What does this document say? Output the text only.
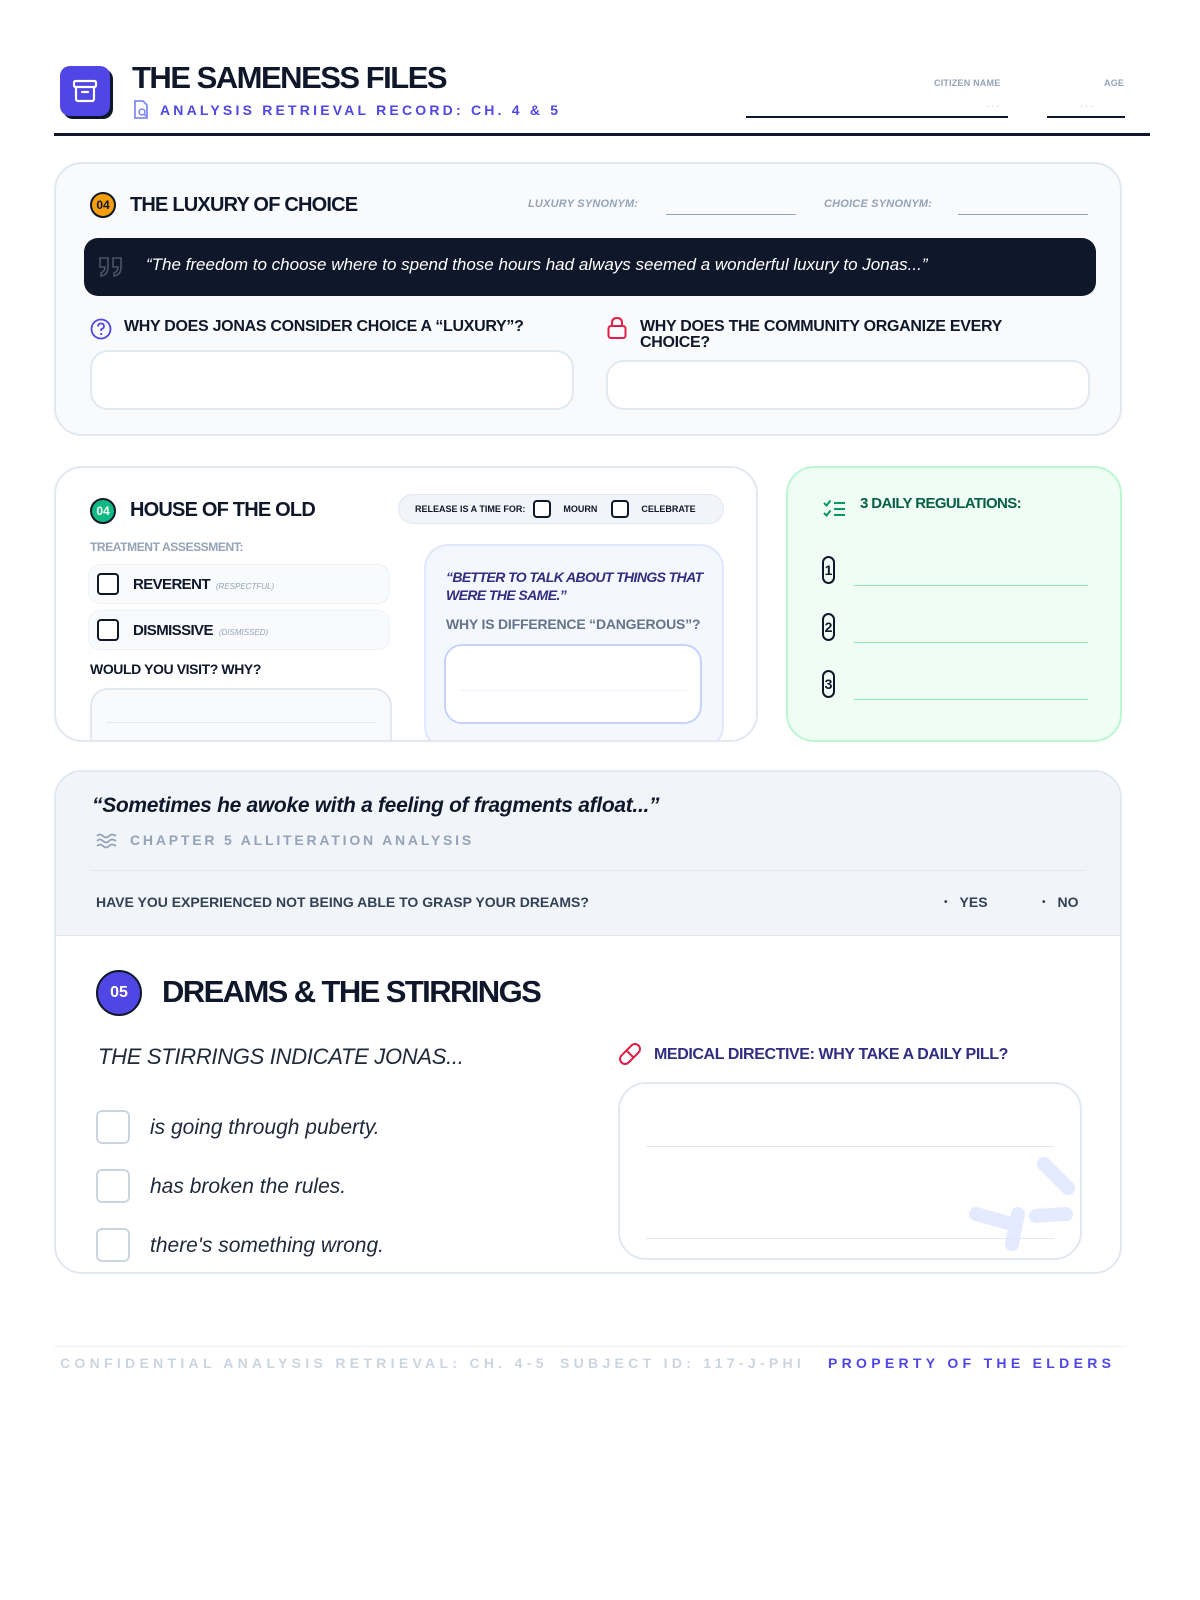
THE SAMENESS FILES
ANALYSIS RETRIEVAL RECORD: CH. 4 & 5
CITIZEN NAME
...
AGE
...
04	THE LUXURY OF CHOICE	LUXURY SYNONYM:	CHOICE SYNONYM:
“The freedom to choose where to spend those hours had always seemed a wonderful luxury to Jonas...”
WHY DOES JONAS CONSIDER CHOICE A “LUXURY”?	WHY DOES THE COMMUNITY ORGANIZE EVERY CHOICE?
04	HOUSE OF THE OLD	RELEASE IS A TIME FOR:	MOURN	CELEBRATE
TREATMENT ASSESSMENT:
REVERENT (RESPECTFUL)
DISMISSIVE (DISMISSED)
WOULD YOU VISIT? WHY?
“BETTER TO TALK ABOUT THINGS THAT WERE THE SAME.”
WHY IS DIFFERENCE “DANGEROUS”?
3 DAILY REGULATIONS:
1
2
3
“Sometimes he awoke with a feeling of fragments afloat...”
CHAPTER 5 ALLITERATION ANALYSIS
HAVE YOU EXPERIENCED NOT BEING ABLE TO GRASP YOUR DREAMS?	• YES	• NO
05	DREAMS & THE STIRRINGS
THE STIRRINGS INDICATE JONAS...
is going through puberty.
has broken the rules.
there's something wrong.
MEDICAL DIRECTIVE: WHY TAKE A DAILY PILL?
CONFIDENTIAL ANALYSIS RETRIEVAL: CH. 4-5 SUBJECT ID: 117-J-PHI PROPERTY OF THE ELDERS
